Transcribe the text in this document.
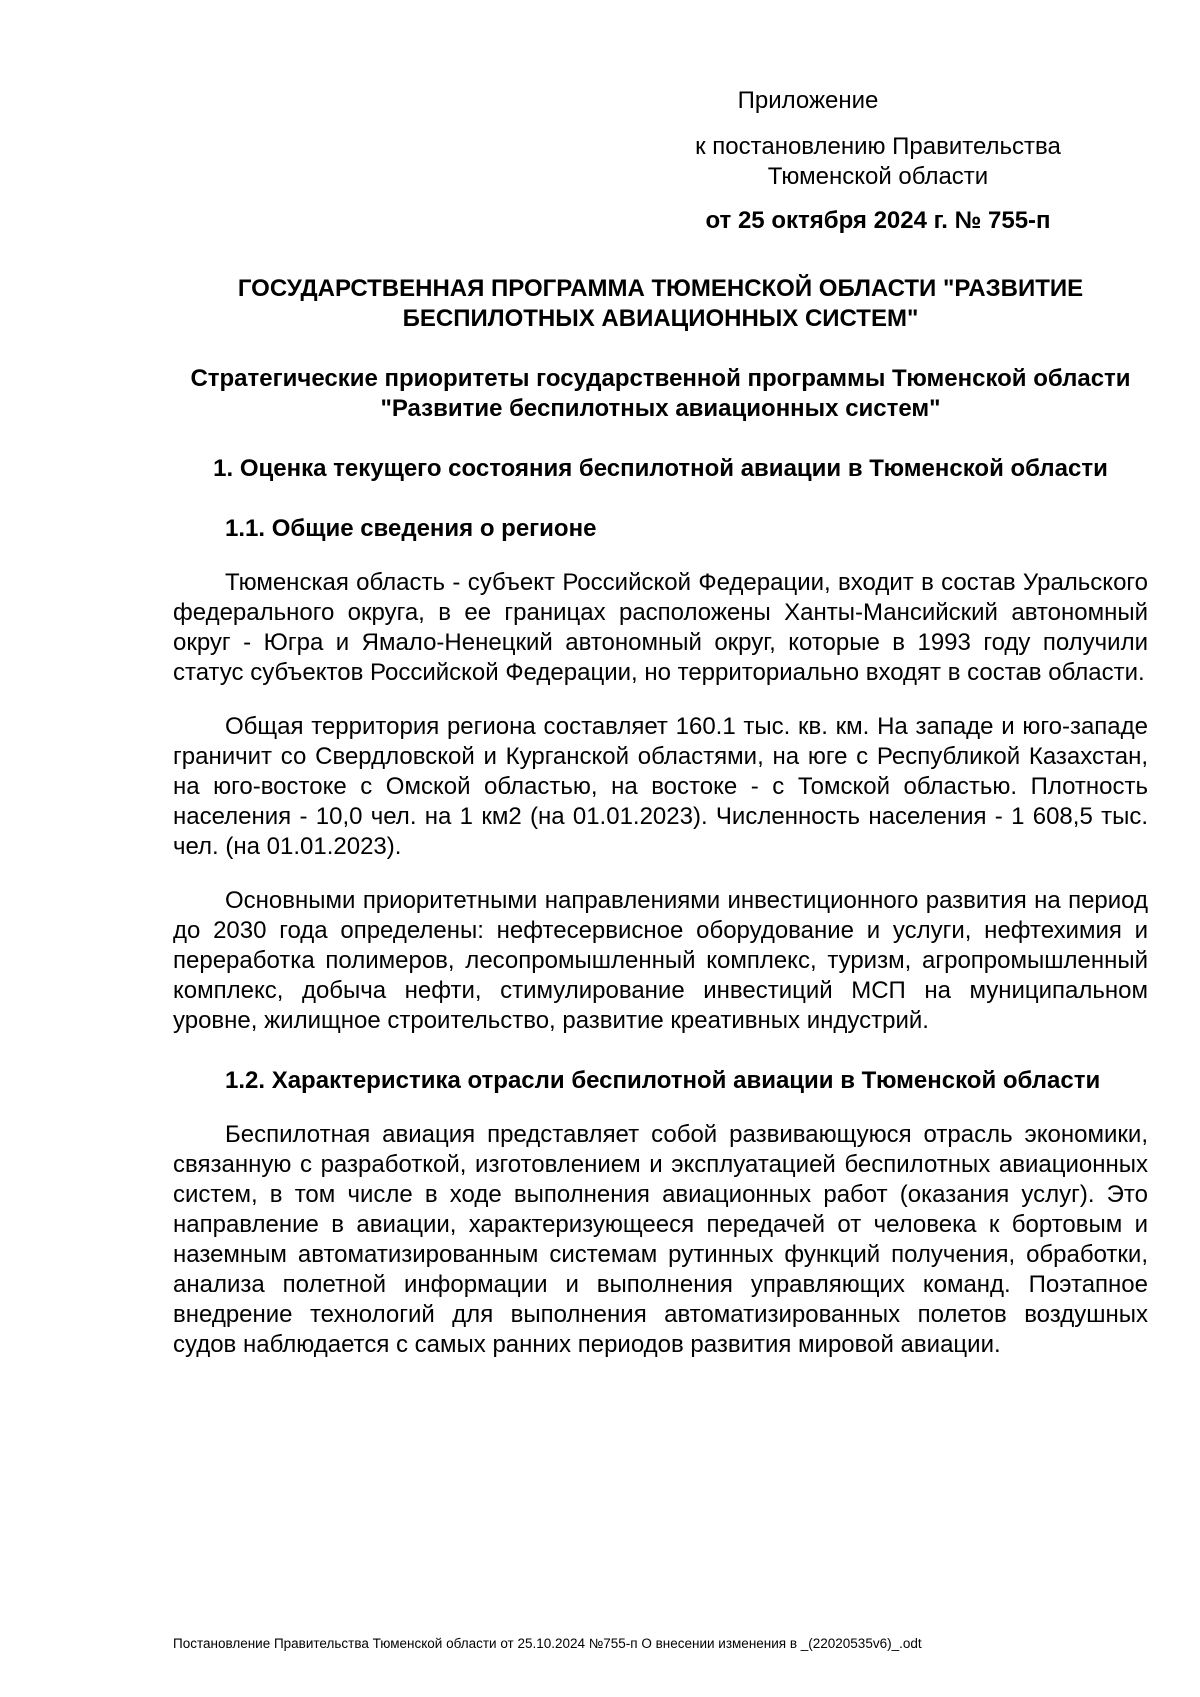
Приложение
к постановлению Правительства Тюменской области
от 25 октября 2024 г. № 755-п
ГОСУДАРСТВЕННАЯ ПРОГРАММА ТЮМЕНСКОЙ ОБЛАСТИ "РАЗВИТИЕ БЕСПИЛОТНЫХ АВИАЦИОННЫХ СИСТЕМ"
Стратегические приоритеты государственной программы Тюменской области "Развитие беспилотных авиационных систем"
1. Оценка текущего состояния беспилотной авиации в Тюменской области
1.1. Общие сведения о регионе
Тюменская область - субъект Российской Федерации, входит в состав Уральского федерального округа, в ее границах расположены Ханты-Мансийский автономный округ - Югра и Ямало-Ненецкий автономный округ, которые в 1993 году получили статус субъектов Российской Федерации, но территориально входят в состав области.
Общая территория региона составляет 160.1 тыс. кв. км. На западе и юго-западе граничит со Свердловской и Курганской областями, на юге с Республикой Казахстан, на юго-востоке с Омской областью, на востоке - с Томской областью. Плотность населения - 10,0 чел. на 1 км2 (на 01.01.2023). Численность населения - 1 608,5 тыс. чел. (на 01.01.2023).
Основными приоритетными направлениями инвестиционного развития на период до 2030 года определены: нефтесервисное оборудование и услуги, нефтехимия и переработка полимеров, лесопромышленный комплекс, туризм, агропромышленный комплекс, добыча нефти, стимулирование инвестиций МСП на муниципальном уровне, жилищное строительство, развитие креативных индустрий.
1.2. Характеристика отрасли беспилотной авиации в Тюменской области
Беспилотная авиация представляет собой развивающуюся отрасль экономики, связанную с разработкой, изготовлением и эксплуатацией беспилотных авиационных систем, в том числе в ходе выполнения авиационных работ (оказания услуг). Это направление в авиации, характеризующееся передачей от человека к бортовым и наземным автоматизированным системам рутинных функций получения, обработки, анализа полетной информации и выполнения управляющих команд. Поэтапное внедрение технологий для выполнения автоматизированных полетов воздушных судов наблюдается с самых ранних периодов развития мировой авиации.
Постановление Правительства Тюменской области от 25.10.2024 №755-п О внесении изменения в _(22020535v6)_.odt
